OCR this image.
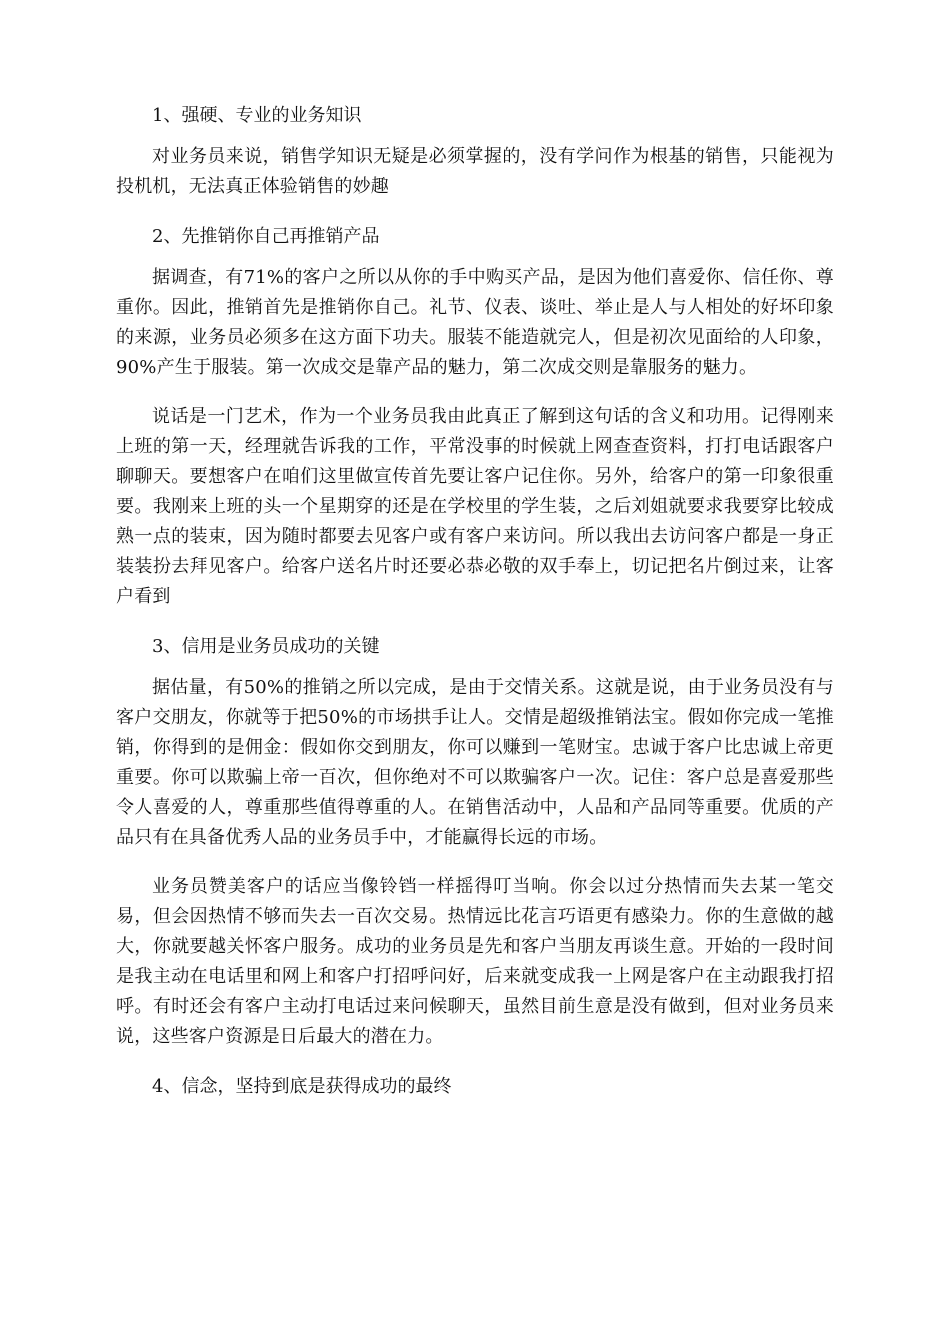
1、强硬、专业的业务知识
对业务员来说，销售学知识无疑是必须掌握的，没有学问作为根基的销售，只能视为投机机，无法真正体验销售的妙趣
2、先推销你自己再推销产品
据调查，有71%的客户之所以从你的手中购买产品，是因为他们喜爱你、信任你、尊重你。因此，推销首先是推销你自己。礼节、仪表、谈吐、举止是人与人相处的好坏印象的来源，业务员必须多在这方面下功夫。服装不能造就完人，但是初次见面给的人印象，90%产生于服装。第一次成交是靠产品的魅力，第二次成交则是靠服务的魅力。
说话是一门艺术，作为一个业务员我由此真正了解到这句话的含义和功用。记得刚来上班的第一天，经理就告诉我的工作，平常没事的时候就上网查查资料，打打电话跟客户聊聊天。要想客户在咱们这里做宣传首先要让客户记住你。另外，给客户的第一印象很重要。我刚来上班的头一个星期穿的还是在学校里的学生装，之后刘姐就要求我要穿比较成熟一点的装束，因为随时都要去见客户或有客户来访问。所以我出去访问客户都是一身正装装扮去拜见客户。给客户送名片时还要必恭必敬的双手奉上，切记把名片倒过来，让客户看到
3、信用是业务员成功的关键
据估量，有50%的推销之所以完成，是由于交情关系。这就是说，由于业务员没有与客户交朋友，你就等于把50%的市场拱手让人。交情是超级推销法宝。假如你完成一笔推销，你得到的是佣金：假如你交到朋友，你可以赚到一笔财宝。忠诚于客户比忠诚上帝更重要。你可以欺骗上帝一百次，但你绝对不可以欺骗客户一次。记住：客户总是喜爱那些令人喜爱的人，尊重那些值得尊重的人。在销售活动中，人品和产品同等重要。优质的产品只有在具备优秀人品的业务员手中，才能赢得长远的市场。
业务员赞美客户的话应当像铃铛一样摇得叮当响。你会以过分热情而失去某一笔交易，但会因热情不够而失去一百次交易。热情远比花言巧语更有感染力。你的生意做的越大，你就要越关怀客户服务。成功的业务员是先和客户当朋友再谈生意。开始的一段时间是我主动在电话里和网上和客户打招呼问好，后来就变成我一上网是客户在主动跟我打招呼。有时还会有客户主动打电话过来问候聊天，虽然目前生意是没有做到，但对业务员来说，这些客户资源是日后最大的潜在力。
4、信念，坚持到底是获得成功的最终
